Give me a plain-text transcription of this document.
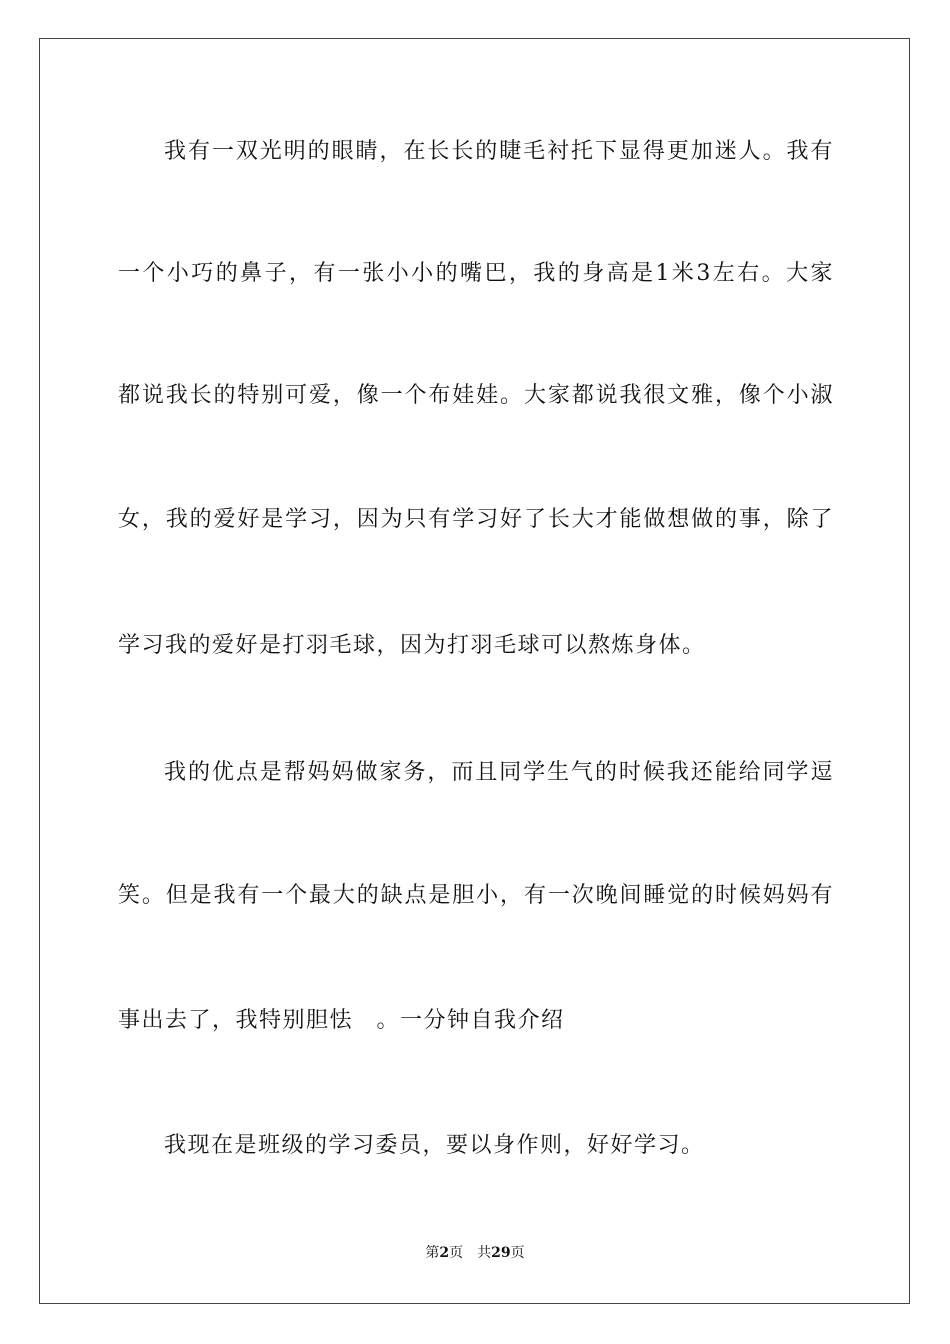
我有一双光明的眼睛，在长长的睫毛衬托下显得更加迷人。我有
一个小巧的鼻子，有一张小小的嘴巴，我的身高是1米3左右。大家
都说我长的特别可爱，像一个布娃娃。大家都说我很文雅，像个小淑
女，我的爱好是学习，因为只有学习好了长大才能做想做的事，除了
学习我的爱好是打羽毛球，因为打羽毛球可以熬炼身体。
我的优点是帮妈妈做家务，而且同学生气的时候我还能给同学逗
笑。但是我有一个最大的缺点是胆小，有一次晚间睡觉的时候妈妈有
事出去了，我特别胆怯　。一分钟自我介绍
我现在是班级的学习委员，要以身作则，好好学习。
第2页 共29页
